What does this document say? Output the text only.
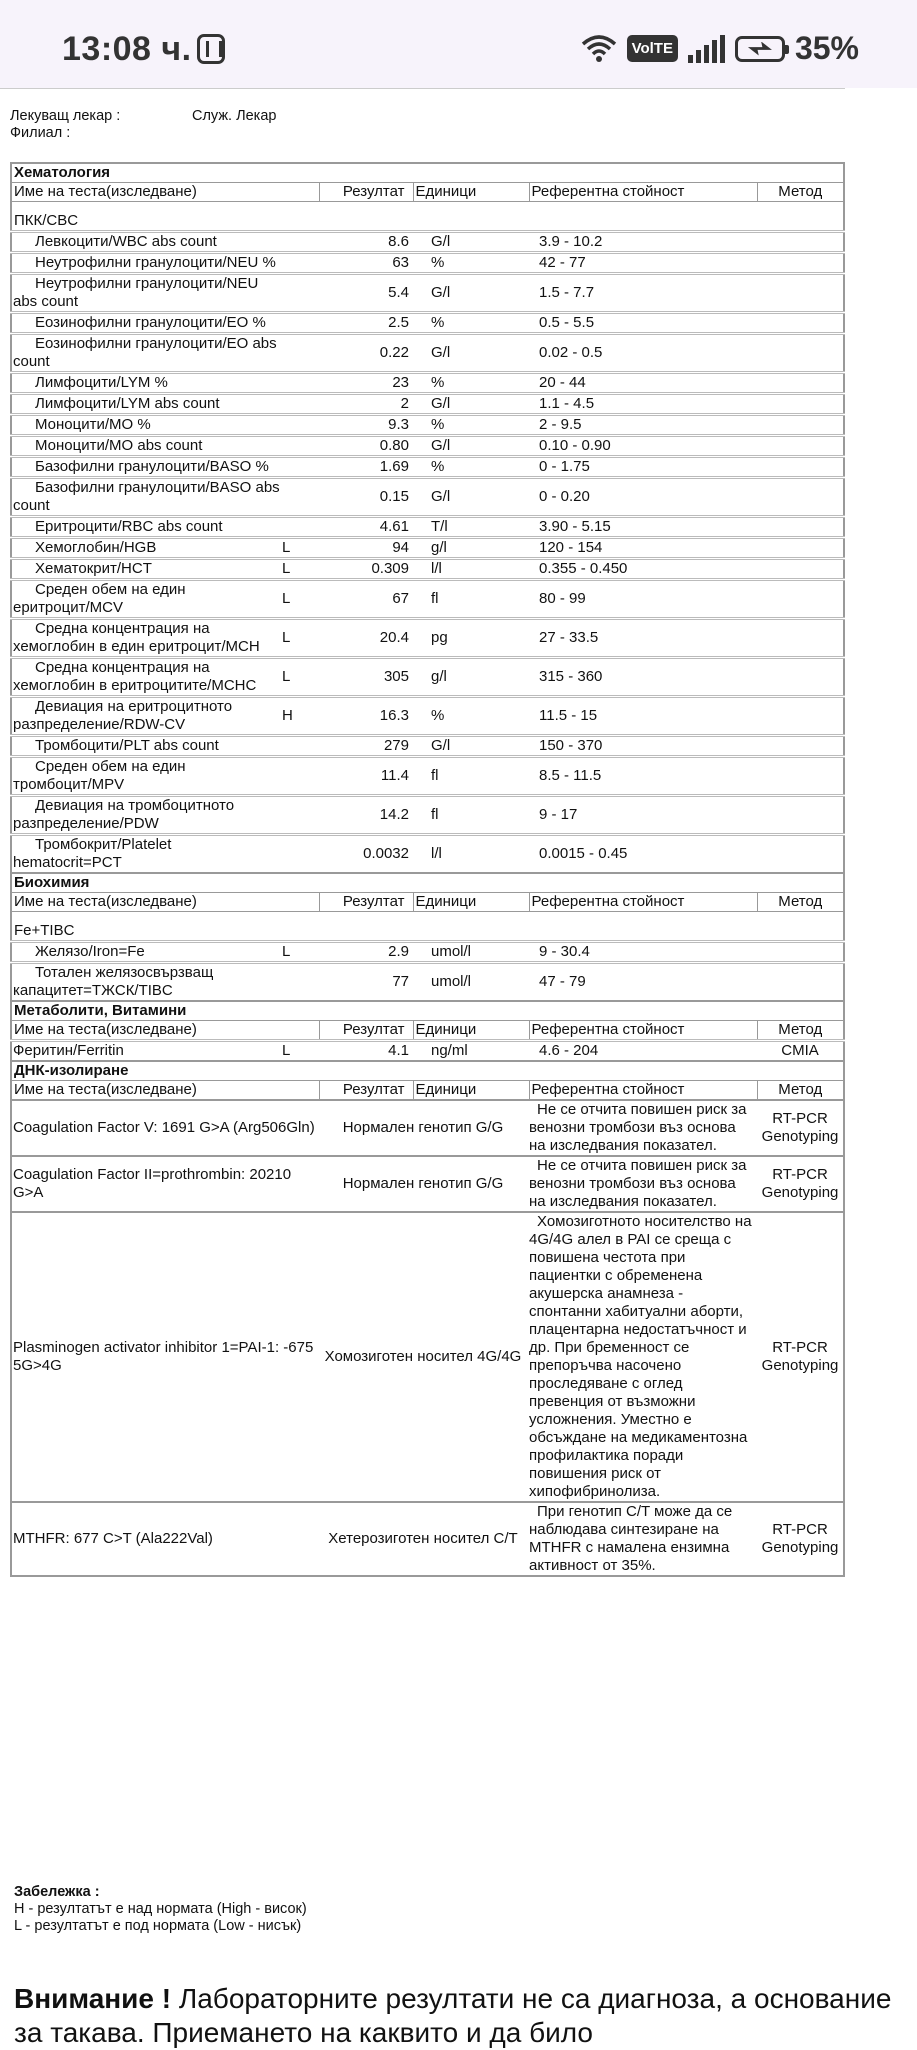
13:08 ч.	VolTE	35%
Лекуващ лекар :	Служ. Лекар
Филиал :
Хематология					
Име на теста(изследване)		Резултат	Единици	Референтна стойност	Метод
ПКК/CBC					
Левкоцити/WBC abs count		8.6	G/l	3.9 - 10.2	
Неутрофилни гранулоцити/NEU %		63	%	42 - 77	
Неутрофилни гранулоцити/NEU abs count		5.4	G/l	1.5 - 7.7	
Еозинофилни гранулоцити/EO %		2.5	%	0.5 - 5.5	
Еозинофилни гранулоцити/EO abs count		0.22	G/l	0.02 - 0.5	
Лимфоцити/LYM %		23	%	20 - 44	
Лимфоцити/LYM abs count		2	G/l	1.1 - 4.5	
Моноцити/MO %		9.3	%	2 - 9.5	
Моноцити/MO abs count		0.80	G/l	0.10 - 0.90	
Базофилни гранулоцити/BASO %		1.69	%	0 - 1.75	
Базофилни гранулоцити/BASO abs count		0.15	G/l	0 - 0.20	
Еритроцити/RBC abs count		4.61	T/l	3.90 - 5.15	
Хемоглобин/HGB	L	94	g/l	120 - 154	
Хематокрит/HCT	L	0.309	l/l	0.355 - 0.450	
Среден обем на един еритроцит/MCV	L	67	fl	80 - 99	
Средна концентрация на хемоглобин в един еритроцит/MCH	L	20.4	pg	27 - 33.5	
Средна концентрация на хемоглобин в еритроцитите/MCHC	L	305	g/l	315 - 360	
Девиация на еритроцитното разпределение/RDW-CV	H	16.3	%	11.5 - 15	
Тромбоцити/PLT abs count		279	G/l	150 - 370	
Среден обем на един тромбоцит/MPV		11.4	fl	8.5 - 11.5	
Девиация на тромбоцитното разпределение/PDW		14.2	fl	9 - 17	
Тромбокрит/Platelet hematocrit=PCT		0.0032	l/l	0.0015 - 0.45	
Биохимия					
Име на теста(изследване)		Резултат	Единици	Референтна стойност	Метод
Fe+TIBC					
Желязо/Iron=Fe	L	2.9	umol/l	9 - 30.4	
Тотален желязосвързващ капацитет=ТЖСК/TIBC		77	umol/l	47 - 79	
Метаболити, Витамини					
Име на теста(изследване)		Резултат	Единици	Референтна стойност	Метод
Феритин/Ferritin	L	4.1	ng/ml	4.6 - 204	CMIA
ДНК-изолиране					
Име на теста(изследване)		Резултат	Единици	Референтна стойност	Метод
Coagulation Factor V: 1691 G>A (Arg506Gln)		Нормален генотип G/G		Не се отчита повишен риск за венозни тромбози въз основа на изследвания показател.	RT-PCR Genotyping
Coagulation Factor II=prothrombin: 20210 G>A		Нормален генотип G/G		Не се отчита повишен риск за венозни тромбози въз основа на изследвания показател.	RT-PCR Genotyping
Plasminogen activator inhibitor 1=PAI-1: -675 5G>4G		Хомозиготен носител 4G/4G		Хомозиготното носителство на 4G/4G алел в PAI се среща с повишена честота при пациентки с обременена акушерска анамнеза - спонтанни хабитуални аборти, плацентарна недостатъчност и др. При бременност се препоръчва насочено проследяване с оглед превенция от възможни усложнения. Уместно е обсъждане на медикаментозна профилактика поради повишения риск от хипофибринолиза.	RT-PCR Genotyping
MTHFR: 677 C>T (Ala222Val)		Хетерозиготен носител C/T		При генотип C/T може да се наблюдава синтезиране на MTHFR с намалена ензимна активност от 35%.	RT-PCR Genotyping
Забележка :
H - резултатът е над нормата (High - висок)
L - резултатът е под нормата (Low - нисък)
Внимание ! Лабораторните резултати не са диагноза, а основание за такава. Приемането на каквито и да било
